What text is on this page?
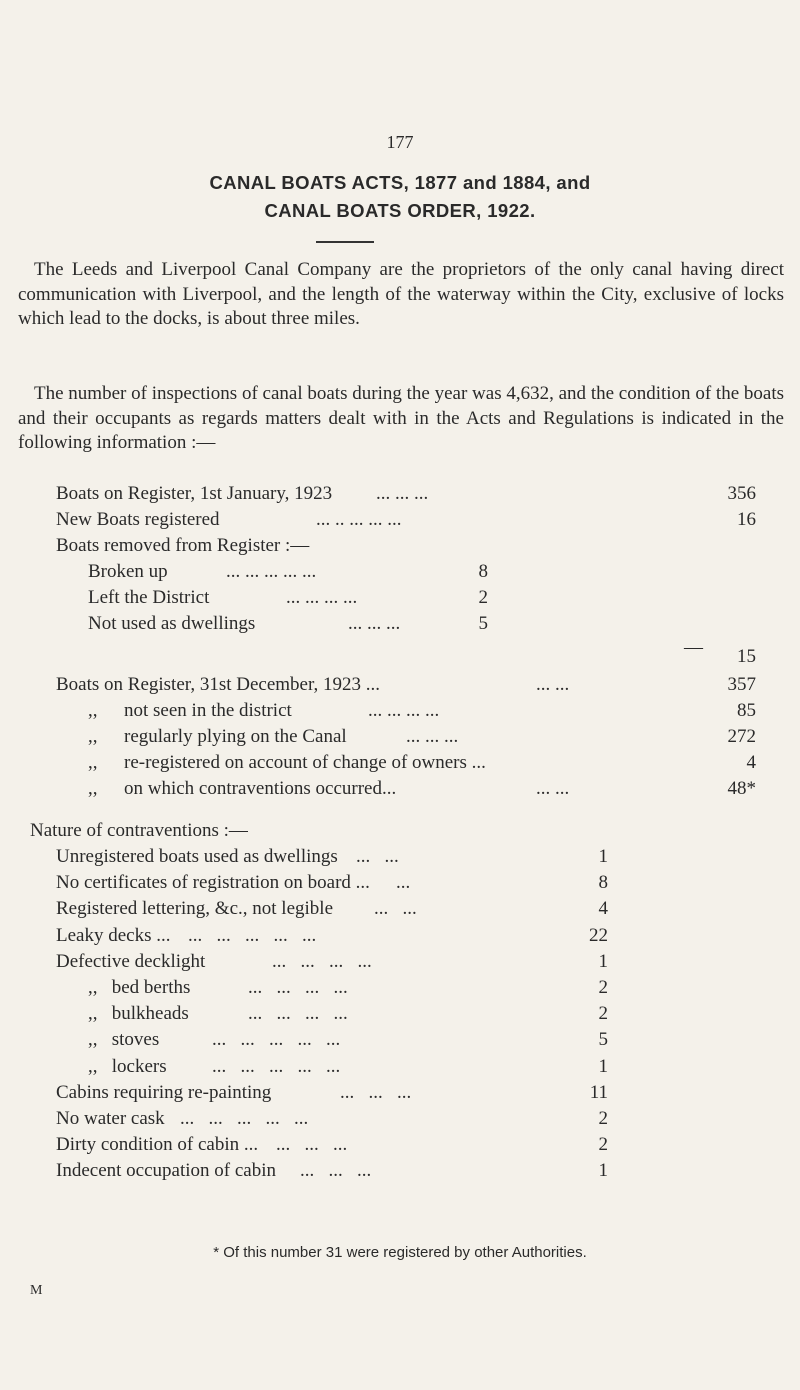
177
CANAL BOATS ACTS, 1877 and 1884, and
CANAL BOATS ORDER, 1922.
The Leeds and Liverpool Canal Company are the proprietors of the only canal having direct communication with Liverpool, and the length of the waterway within the City, exclusive of locks which lead to the docks, is about three miles.
The number of inspections of canal boats during the year was 4,632, and the condition of the boats and their occupants as regards matters dealt with in the Acts and Regulations is indicated in the following information :—
Boats on Register, 1st January, 1923 ... ... ...	356
New Boats registered	... .. ... ... ...	16
Boats removed from Register :—
Broken up	... ... ... ... ...	8
Left the District	... ... ... ...	2
Not used as dwellings	... ... ...	5
—	15
Boats on Register, 31st December, 1923 ...	... ...	357
,, not seen in the district	... ... ... ...	85
,, regularly plying on the Canal	... ... ...	272
,, re-registered on account of change of owners ...	4
,, on which contraventions occurred...	... ...	48*
Nature of contraventions :—
Unregistered boats used as dwellings ...   ...	1
No certificates of registration on board ... ...	8
Registered lettering, &c., not legible ...   ...	4
Leaky decks ... ...   ...   ...   ...   ...	22
Defective decklight	...   ...   ...   ...	1
,,   bed berths	...   ...   ...   ...	2
,,   bulkheads	...   ...   ...   ...	2
,,   stoves	...   ...   ...   ...   ...	5
,,   lockers ...   ...   ...   ...   ...	1
Cabins requiring re-painting	...   ...   ...	11
No water cask ...   ...   ...   ...   ...	2
Dirty condition of cabin ... ...   ...   ...	2
Indecent occupation of cabin ...   ...   ...	1
* Of this number 31 were registered by other Authorities.
M
